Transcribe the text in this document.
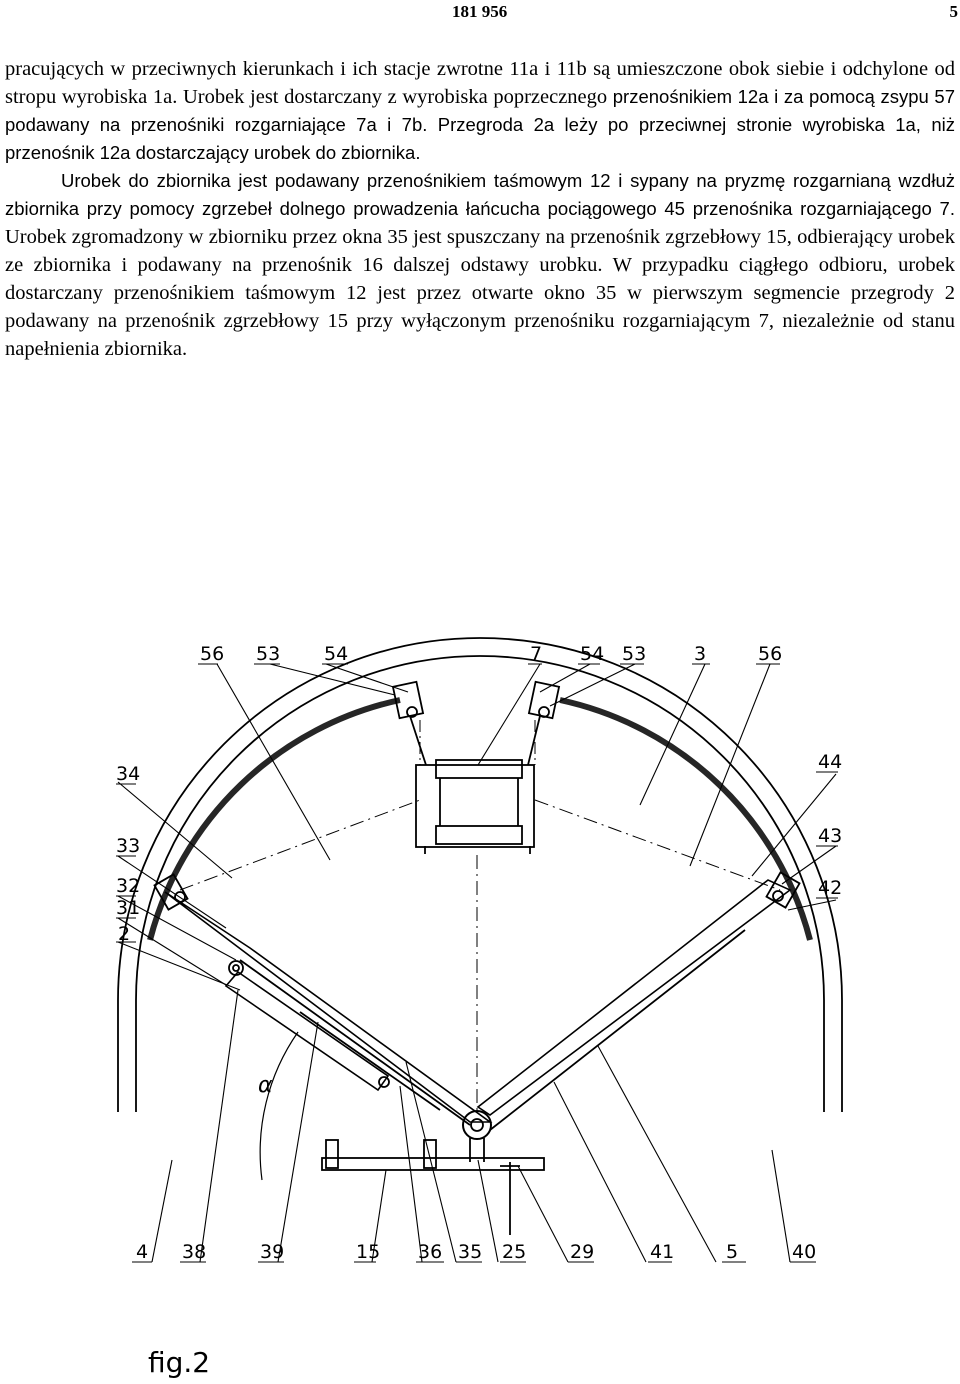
181 956	5

pracujących w przeciwnych kierunkach i ich stacje zwrotne 11a i 11b są umieszczone obok siebie i odchylone od stropu wyrobiska 1a. Urobek jest dostarczany z wyrobiska poprzecznego przenośnikiem 12a i za pomocą zsypu 57 podawany na przenośniki rozgarniające 7a i 7b. Przegroda 2a leży po przeciwnej stronie wyrobiska 1a, niż przenośnik 12a dostarczający urobek do zbiornika.

Urobek do zbiornika jest podawany przenośnikiem taśmowym 12 i sypany na pryzmę rozgarnianą wzdłuż zbiornika przy pomocy zgrzebeł dolnego prowadzenia łańcucha pociągowego 45 przenośnika rozgarniającego 7. Urobek zgromadzony w zbiorniku przez okna 35 jest spuszczany na przenośnik zgrzebłowy 15, odbierający urobek ze zbiornika i podawany na przenośnik 16 dalszej odstawy urobku. W przypadku ciągłego odbioru, urobek dostarczany przenośnikiem taśmowym 12 jest przez otwarte okno 35 w pierwszym segmencie przegrody 2 podawany na przenośnik zgrzebłowy 15 przy wyłączonym przenośniku rozgarniającym 7, niezależnie od stanu napełnienia zbiornika.

56 53 54	7 54 53	3	56
34
33
32
31
2
44
43
42
4 38	39	15 36 35 25 29	41	5	40
α
fig.2
